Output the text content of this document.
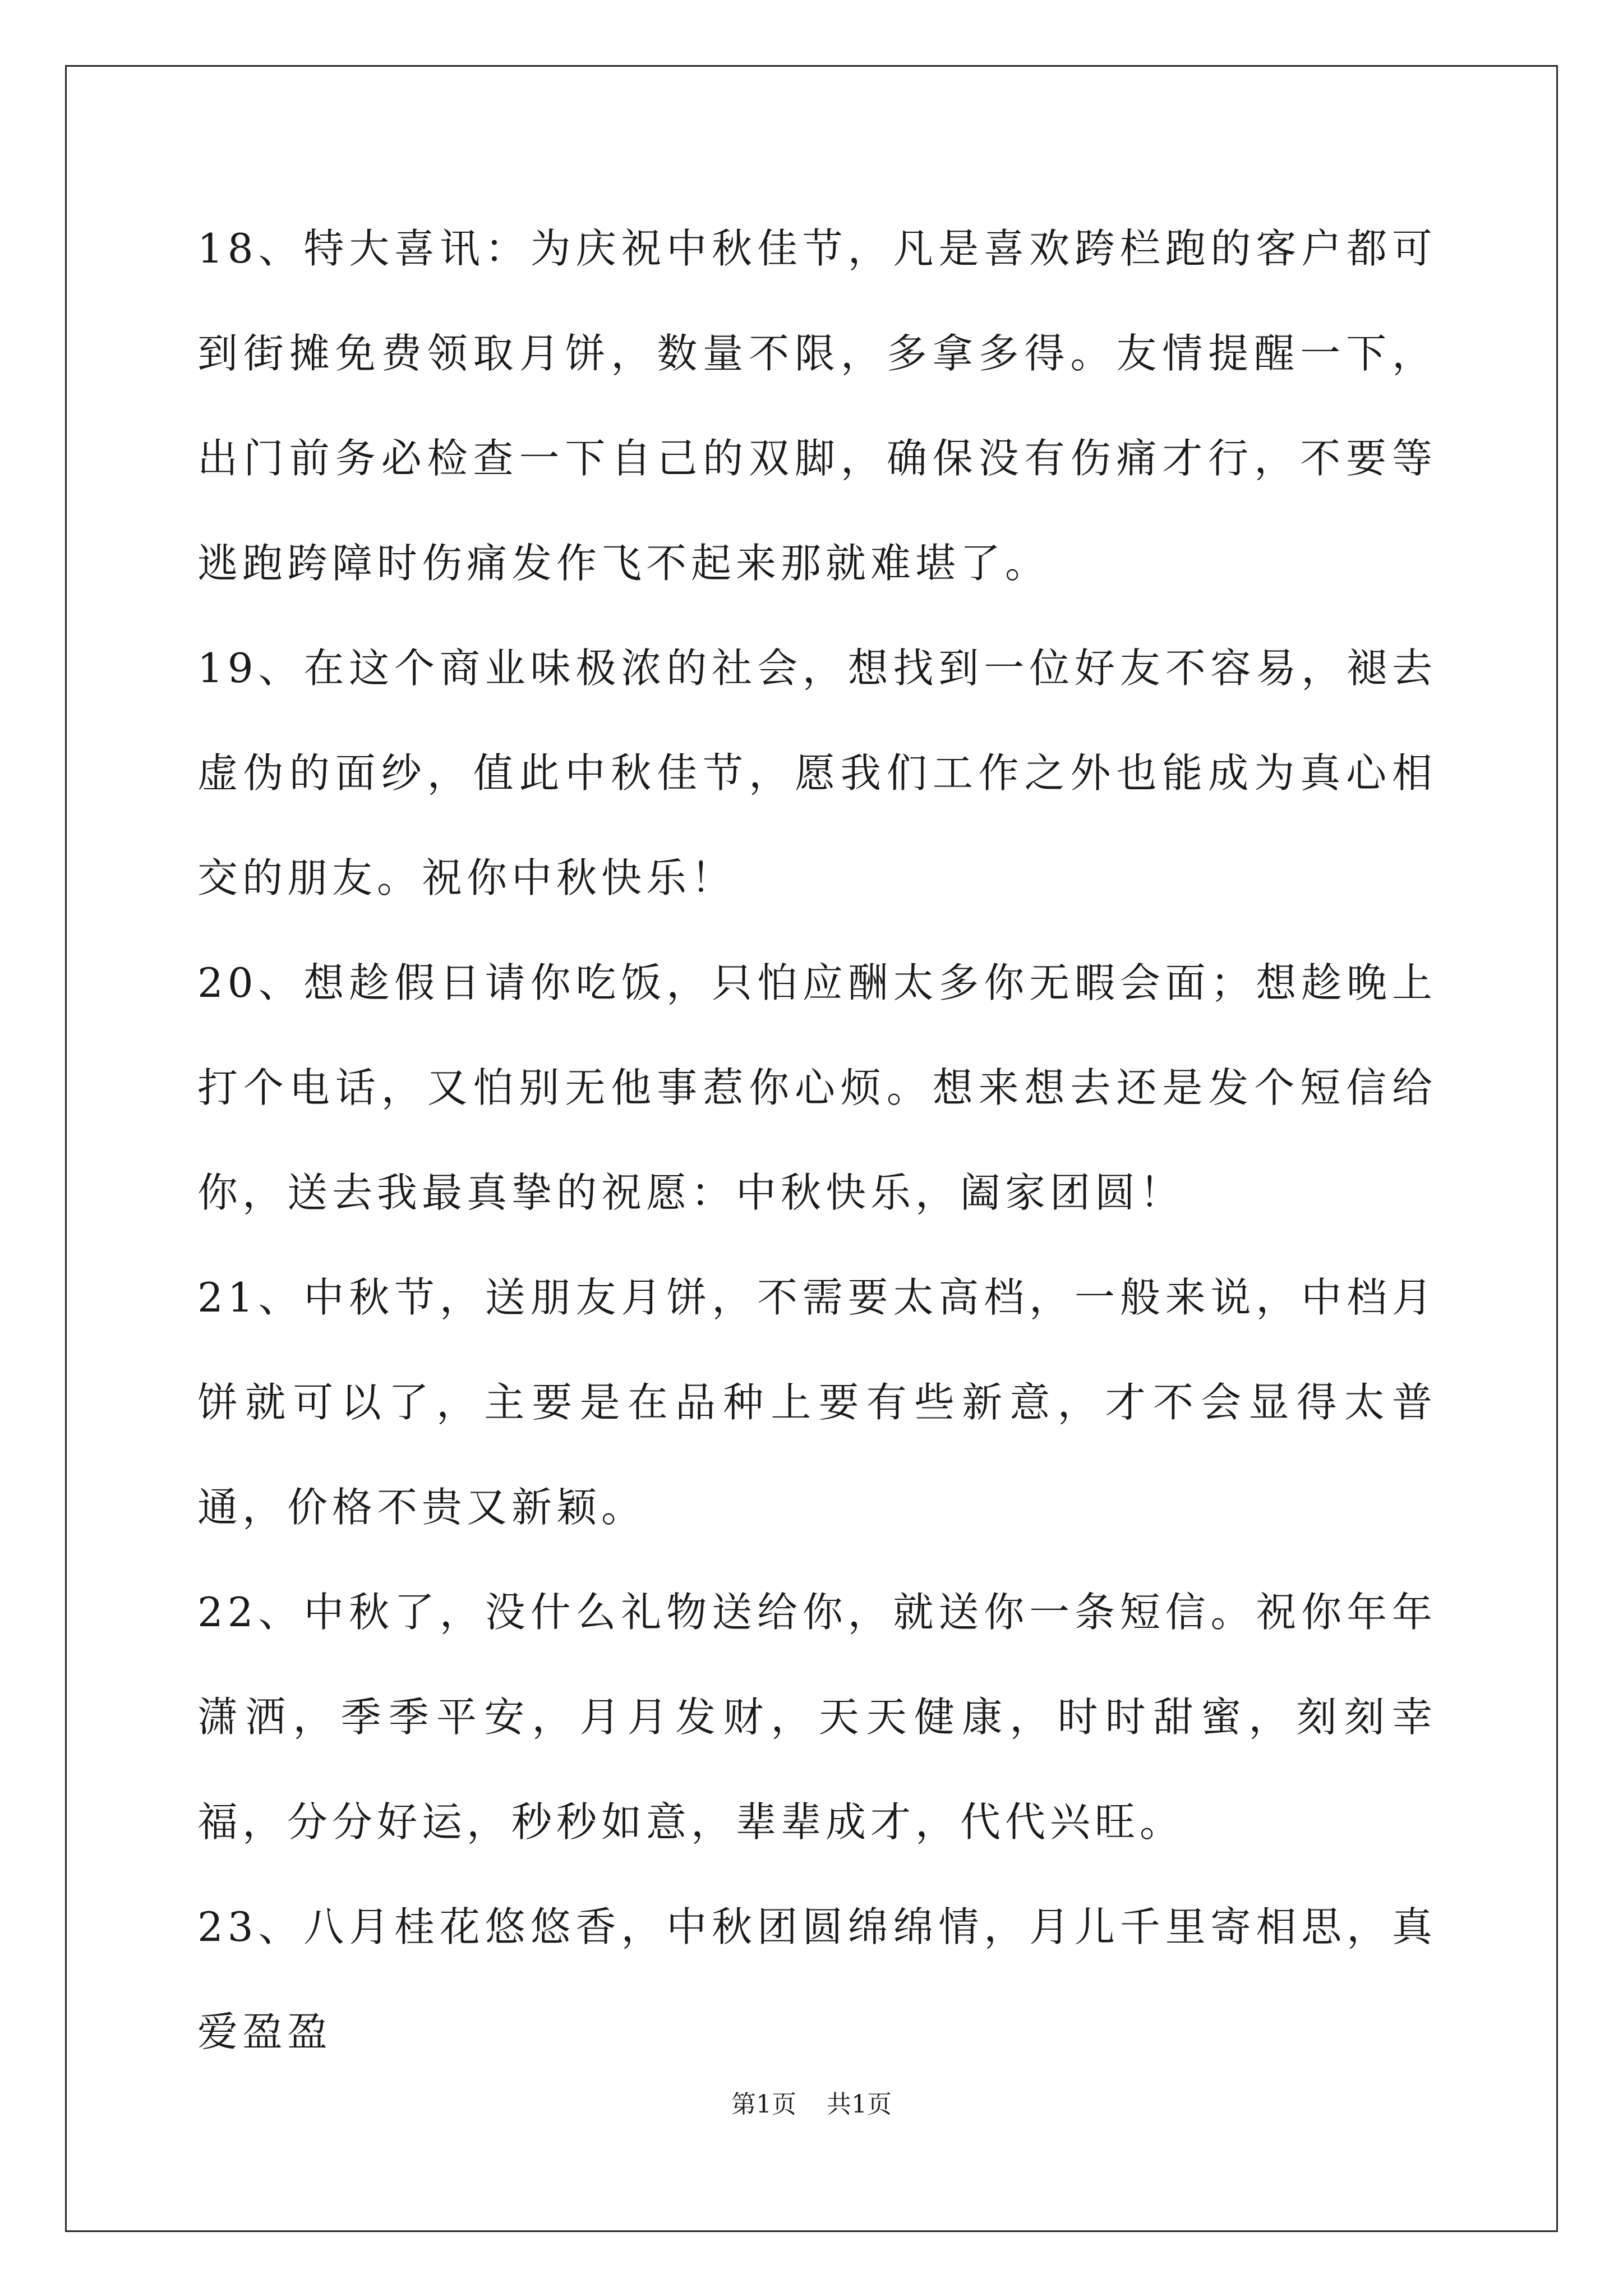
18、特大喜讯：为庆祝中秋佳节，凡是喜欢跨栏跑的客户都可到街摊免费领取月饼，数量不限，多拿多得。友情提醒一下，出门前务必检查一下自己的双脚，确保没有伤痛才行，不要等逃跑跨障时伤痛发作飞不起来那就难堪了。

19、在这个商业味极浓的社会，想找到一位好友不容易，褪去虚伪的面纱，值此中秋佳节，愿我们工作之外也能成为真心相交的朋友。祝你中秋快乐！

20、想趁假日请你吃饭，只怕应酬太多你无暇会面；想趁晚上打个电话，又怕别无他事惹你心烦。想来想去还是发个短信给你，送去我最真挚的祝愿：中秋快乐，阖家团圆！

21、中秋节，送朋友月饼，不需要太高档，一般来说，中档月饼就可以了，主要是在品种上要有些新意，才不会显得太普通，价格不贵又新颖。

22、中秋了，没什么礼物送给你，就送你一条短信。祝你年年潇洒，季季平安，月月发财，天天健康，时时甜蜜，刻刻幸福，分分好运，秒秒如意，辈辈成才，代代兴旺。

23、八月桂花悠悠香，中秋团圆绵绵情，月儿千里寄相思，真爱盈盈

第1页 共1页
